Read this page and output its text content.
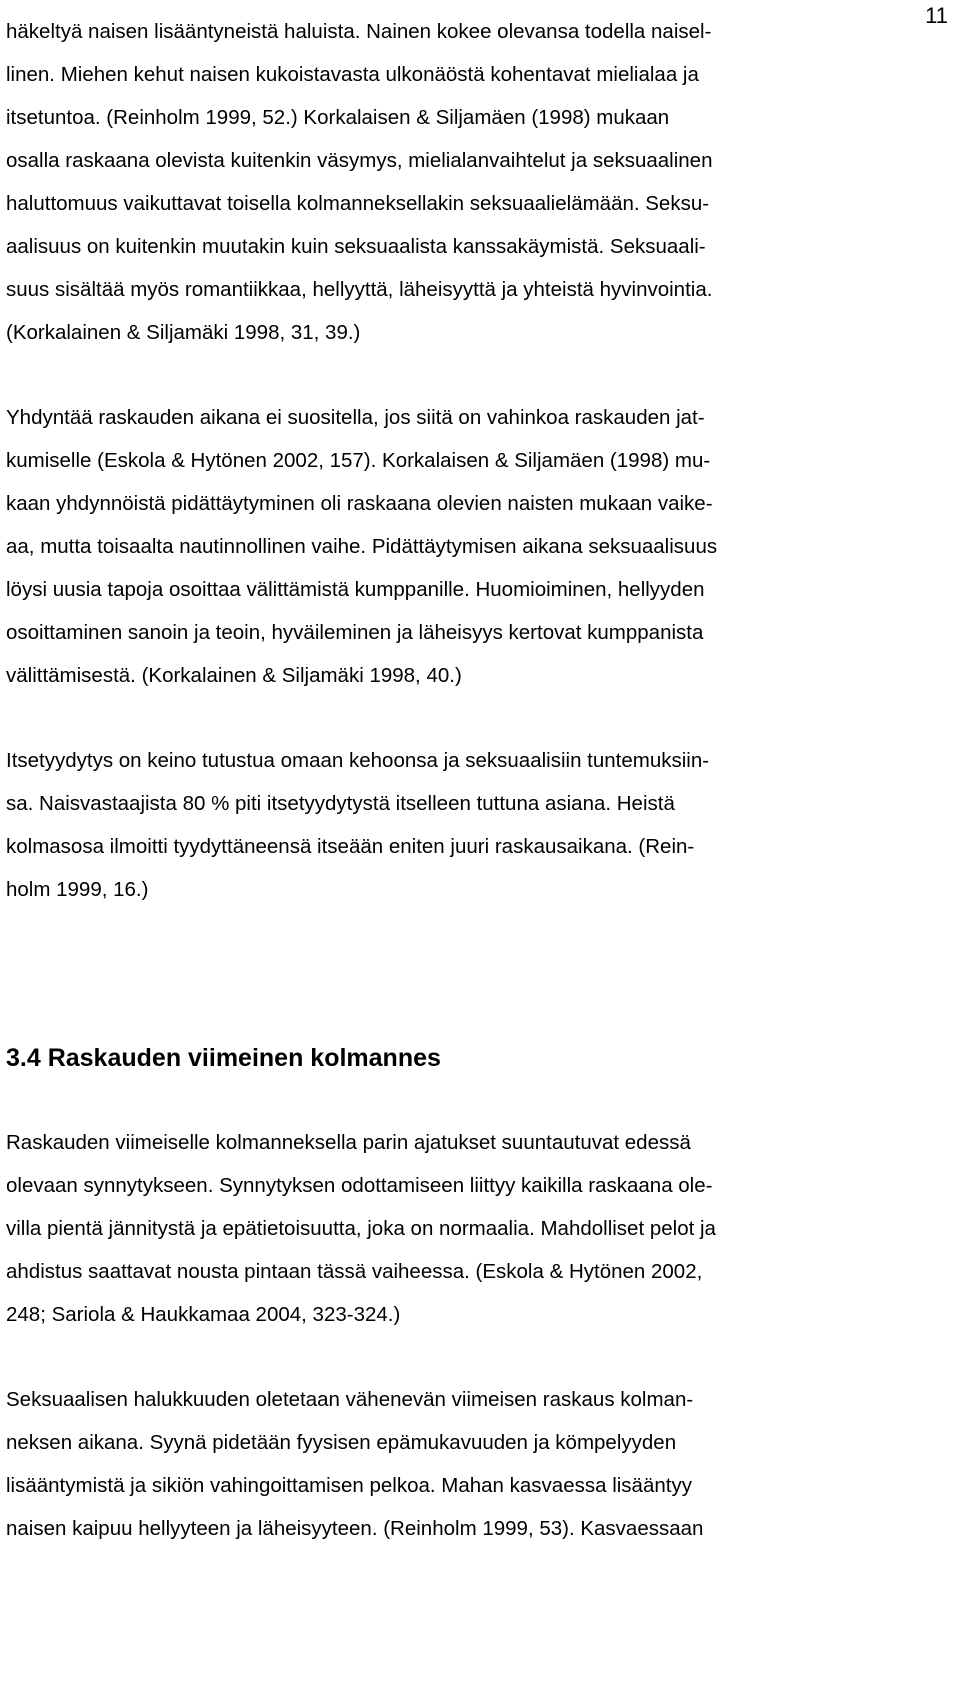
11
häkeltyä naisen lisääntyneistä haluista. Nainen kokee olevansa todella naisel-
linen. Miehen kehut naisen kukoistavasta ulkonäöstä kohentavat mielialaa ja
itsetuntoa. (Reinholm 1999, 52.) Korkalaisen & Siljamäen (1998) mukaan
osalla raskaana olevista kuitenkin väsymys, mielialanvaihtelut ja seksuaalinen
haluttomuus vaikuttavat toisella kolmanneksellakin seksuaalielämään. Seksu-
aalisuus on kuitenkin muutakin kuin seksuaalista kanssakäymistä. Seksuaali-
suus sisältää myös romantiikkaa, hellyyttä, läheisyyttä ja yhteistä hyvinvointia.
(Korkalainen & Siljamäki 1998, 31, 39.)
Yhdyntää raskauden aikana ei suositella, jos siitä on vahinkoa raskauden jat-
kumiselle (Eskola & Hytönen 2002, 157). Korkalaisen & Siljamäen (1998) mu-
kaan yhdynnöistä pidättäytyminen oli raskaana olevien naisten mukaan vaike-
aa, mutta toisaalta nautinnollinen vaihe. Pidättäytymisen aikana seksuaalisuus
löysi uusia tapoja osoittaa välittämistä kumppanille. Huomioiminen, hellyyden
osoittaminen sanoin ja teoin, hyväileminen ja läheisyys kertovat kumppanista
välittämisestä. (Korkalainen & Siljamäki 1998, 40.)
Itsetyydytys on keino tutustua omaan kehoonsa ja seksuaalisiin tuntemuksiin-
sa. Naisvastaajista 80 % piti itsetyydytystä itselleen tuttuna asiana. Heistä
kolmasosa ilmoitti tyydyttäneensä itseään eniten juuri raskausaikana. (Rein-
holm 1999, 16.)
3.4 Raskauden viimeinen kolmannes
Raskauden viimeiselle kolmanneksella parin ajatukset suuntautuvat edessä
olevaan synnytykseen. Synnytyksen odottamiseen liittyy kaikilla raskaana ole-
villa pientä jännitystä ja epätietoisuutta, joka on normaalia. Mahdolliset pelot ja
ahdistus saattavat nousta pintaan tässä vaiheessa. (Eskola & Hytönen 2002,
248; Sariola & Haukkamaa 2004, 323-324.)
Seksuaalisen halukkuuden oletetaan vähenevän viimeisen raskaus kolman-
neksen aikana. Syynä pidetään fyysisen epämukavuuden ja kömpelyyden
lisääntymistä ja sikiön vahingoittamisen pelkoa. Mahan kasvaessa lisääntyy
naisen kaipuu hellyyteen ja läheisyyteen. (Reinholm 1999, 53). Kasvaessaan
